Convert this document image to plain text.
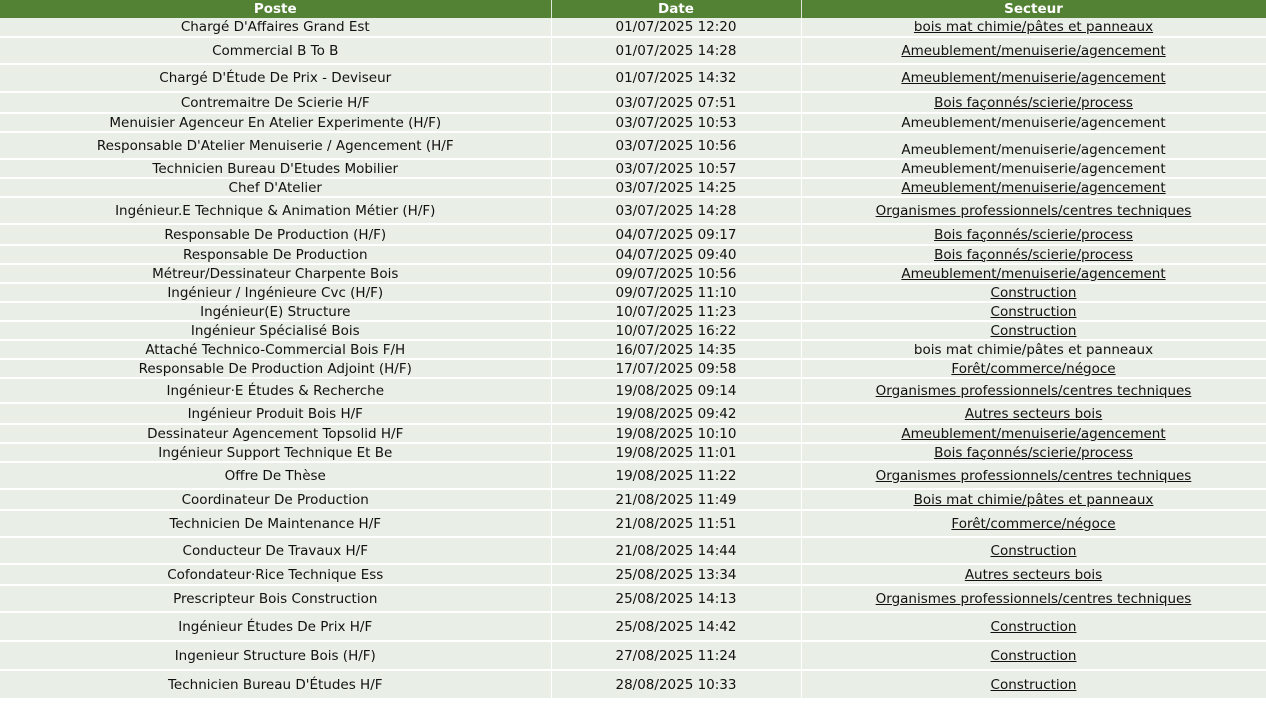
Poste	Date	Secteur
Chargé D'Affaires Grand Est	01/07/2025 12:20	bois mat chimie/pâtes et panneaux
Commercial B To B	01/07/2025 14:28	Ameublement/menuiserie/agencement
Chargé D'Étude De Prix - Deviseur	01/07/2025 14:32	Ameublement/menuiserie/agencement
Contremaitre De Scierie H/F	03/07/2025 07:51	Bois façonnés/scierie/process
Menuisier Agenceur En Atelier Experimente (H/F)	03/07/2025 10:53	Ameublement/menuiserie/agencement
Responsable D'Atelier Menuiserie / Agencement (H/F	03/07/2025 10:56	Ameublement/menuiserie/agencement
Technicien Bureau D'Etudes Mobilier	03/07/2025 10:57	Ameublement/menuiserie/agencement
Chef D'Atelier	03/07/2025 14:25	Ameublement/menuiserie/agencement
Ingénieur.E Technique & Animation Métier (H/F)	03/07/2025 14:28	Organismes professionnels/centres techniques
Responsable De Production (H/F)	04/07/2025 09:17	Bois façonnés/scierie/process
Responsable De Production	04/07/2025 09:40	Bois façonnés/scierie/process
Métreur/Dessinateur Charpente Bois	09/07/2025 10:56	Ameublement/menuiserie/agencement
Ingénieur / Ingénieure Cvc (H/F)	09/07/2025 11:10	Construction
Ingénieur(E) Structure	10/07/2025 11:23	Construction
Ingénieur Spécialisé Bois	10/07/2025 16:22	Construction
Attaché Technico-Commercial Bois F/H	16/07/2025 14:35	bois mat chimie/pâtes et panneaux
Responsable De Production Adjoint (H/F)	17/07/2025 09:58	Forêt/commerce/négoce
Ingénieur·E Études & Recherche	19/08/2025 09:14	Organismes professionnels/centres techniques
Ingénieur Produit Bois H/F	19/08/2025 09:42	Autres secteurs bois
Dessinateur Agencement Topsolid H/F	19/08/2025 10:10	Ameublement/menuiserie/agencement
Ingénieur Support Technique Et Be	19/08/2025 11:01	Bois façonnés/scierie/process
Offre De Thèse	19/08/2025 11:22	Organismes professionnels/centres techniques
Coordinateur De Production	21/08/2025 11:49	Bois mat chimie/pâtes et panneaux
Technicien De Maintenance H/F	21/08/2025 11:51	Forêt/commerce/négoce
Conducteur De Travaux H/F	21/08/2025 14:44	Construction
Cofondateur·Rice Technique Ess	25/08/2025 13:34	Autres secteurs bois
Prescripteur Bois Construction	25/08/2025 14:13	Organismes professionnels/centres techniques
Ingénieur Études De Prix H/F	25/08/2025 14:42	Construction
Ingenieur Structure Bois (H/F)	27/08/2025 11:24	Construction
Technicien Bureau D'Études H/F	28/08/2025 10:33	Construction
